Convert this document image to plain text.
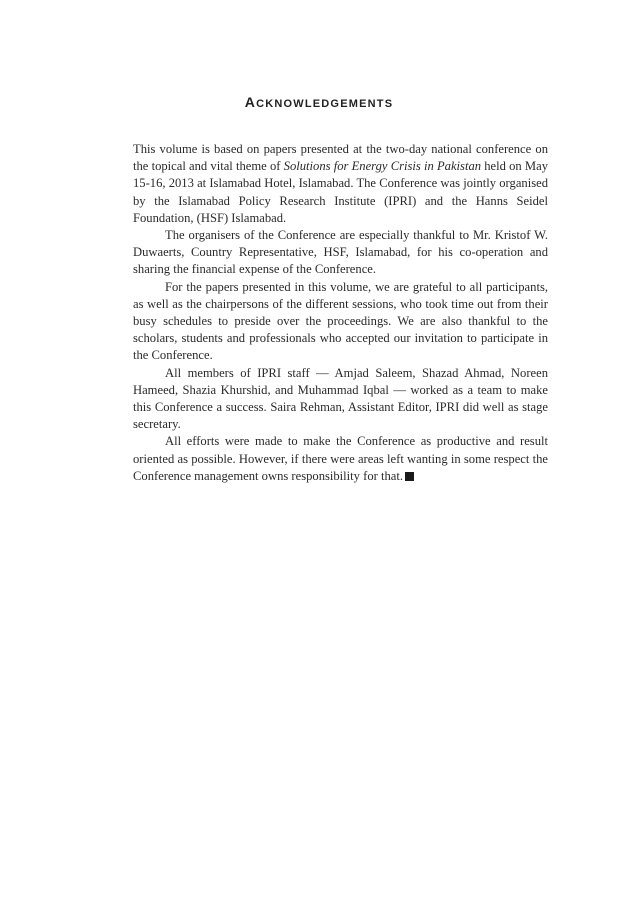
ACKNOWLEDGEMENTS

This volume is based on papers presented at the two-day national conference on the topical and vital theme of Solutions for Energy Crisis in Pakistan held on May 15-16, 2013 at Islamabad Hotel, Islamabad. The Conference was jointly organised by the Islamabad Policy Research Institute (IPRI) and the Hanns Seidel Foundation, (HSF) Islamabad.

The organisers of the Conference are especially thankful to Mr. Kristof W. Duwaerts, Country Representative, HSF, Islamabad, for his co-operation and sharing the financial expense of the Conference.

For the papers presented in this volume, we are grateful to all participants, as well as the chairpersons of the different sessions, who took time out from their busy schedules to preside over the proceedings. We are also thankful to the scholars, students and professionals who accepted our invitation to participate in the Conference.

All members of IPRI staff — Amjad Saleem, Shazad Ahmad, Noreen Hameed, Shazia Khurshid, and Muhammad Iqbal — worked as a team to make this Conference a success. Saira Rehman, Assistant Editor, IPRI did well as stage secretary.

All efforts were made to make the Conference as productive and result oriented as possible. However, if there were areas left wanting in some respect the Conference management owns responsibility for that.
